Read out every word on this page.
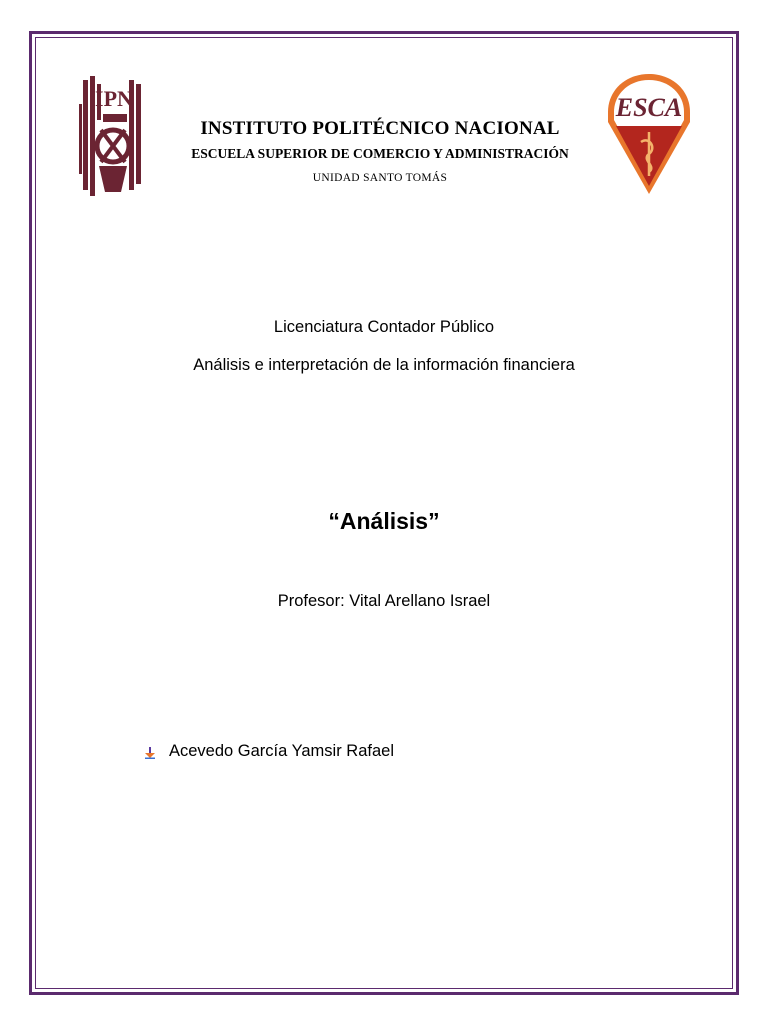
IPN	ESCA
INSTITUTO POLITÉCNICO NACIONAL
ESCUELA SUPERIOR DE COMERCIO Y ADMINISTRACIÓN
UNIDAD SANTO TOMÁS
Licenciatura Contador Público
Análisis e interpretación de la información financiera
“Análisis”
Profesor: Vital Arellano Israel
Acevedo García Yamsir Rafael
